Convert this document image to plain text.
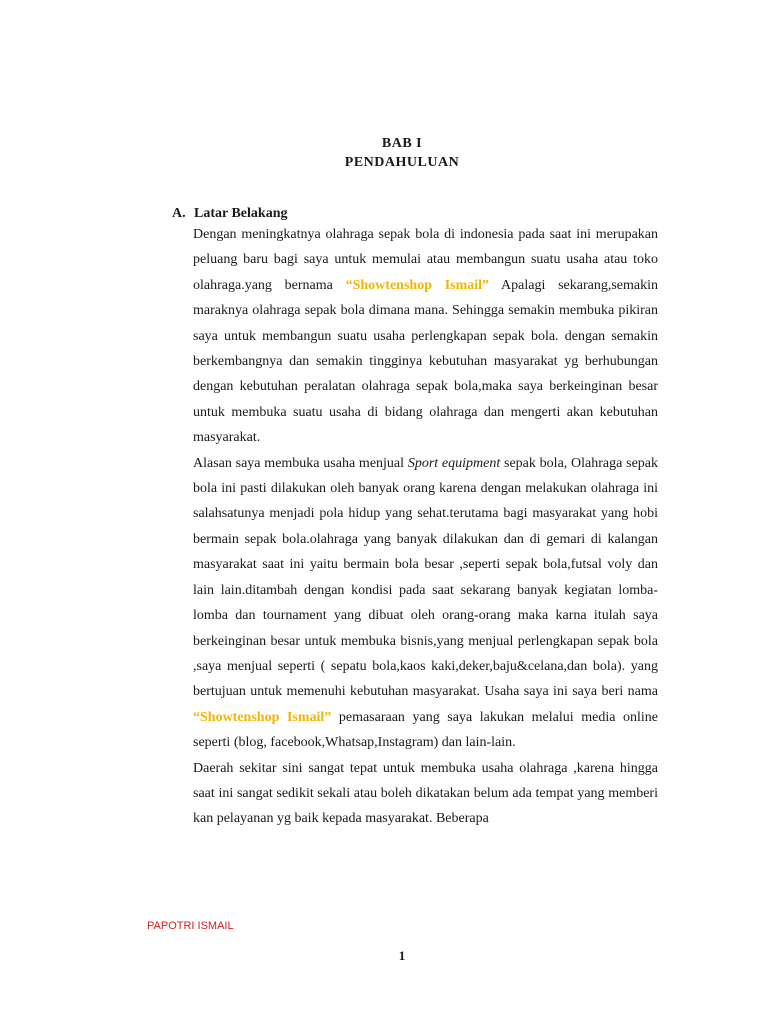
BAB I
PENDAHULUAN
A. Latar Belakang

Dengan meningkatnya olahraga sepak bola di indonesia pada saat ini merupakan peluang baru bagi saya untuk memulai atau membangun suatu usaha atau toko olahraga.yang bernama “Showtenshop Ismail” Apalagi sekarang,semakin maraknya olahraga sepak bola dimana mana. Sehingga semakin membuka pikiran saya untuk membangun suatu usaha perlengkapan sepak bola. dengan semakin berkembangnya dan semakin tingginya kebutuhan masyarakat yg berhubungan dengan kebutuhan peralatan olahraga sepak bola,maka saya berkeinginan besar untuk membuka suatu usaha di bidang olahraga dan mengerti akan kebutuhan masyarakat.

Alasan saya membuka usaha menjual Sport equipment sepak bola, Olahraga sepak bola ini pasti dilakukan oleh banyak orang karena dengan melakukan olahraga ini salahsatunya menjadi pola hidup yang sehat.terutama bagi masyarakat yang hobi bermain sepak bola.olahraga yang banyak dilakukan dan di gemari di kalangan masyarakat saat ini yaitu bermain bola besar ,seperti sepak bola,futsal voly dan lain lain.ditambah dengan kondisi pada saat sekarang banyak kegiatan lomba-lomba dan tournament yang dibuat oleh orang-orang maka karna itulah saya berkeinginan besar untuk membuka bisnis,yang menjual perlengkapan sepak bola ,saya menjual seperti ( sepatu bola,kaos kaki,deker,baju&celana,dan bola). yang bertujuan untuk memenuhi kebutuhan masyarakat. Usaha saya ini saya beri nama “Showtenshop Ismail” pemasaraan yang saya lakukan melalui media online seperti (blog, facebook,Whatsap,Instagram) dan lain-lain.

Daerah sekitar sini sangat tepat untuk membuka usaha olahraga ,karena hingga saat ini sangat sedikit sekali atau boleh dikatakan belum ada tempat yang memberi kan pelayanan yg baik kepada masyarakat. Beberapa

PAPOTRI ISMAIL
1
